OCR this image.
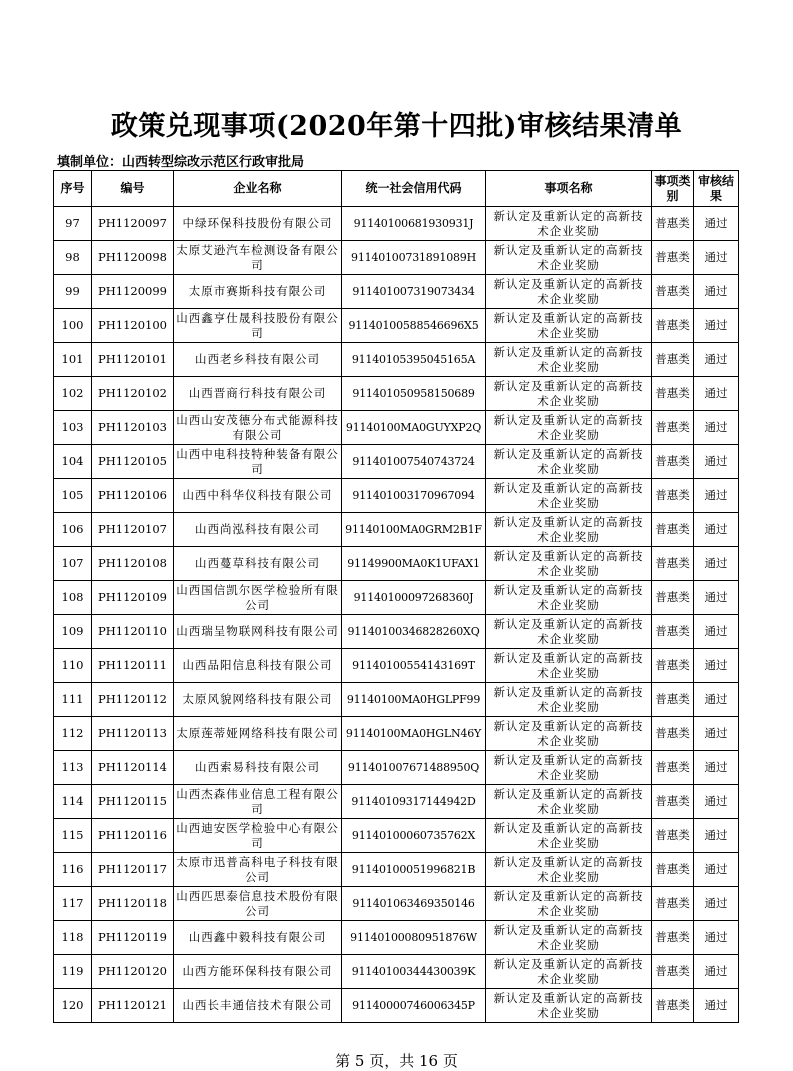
政策兑现事项(2020年第十四批)审核结果清单
填制单位：山西转型综改示范区行政审批局
序号	编号	企业名称	统一社会信用代码	事项名称	事项类别	审核结果
97	PH1120097	中绿环保科技股份有限公司	91140100681930931J	新认定及重新认定的高新技术企业奖励	普惠类	通过
98	PH1120098	太原艾逊汽车检测设备有限公司	91140100731891089H	新认定及重新认定的高新技术企业奖励	普惠类	通过
99	PH1120099	太原市赛斯科技有限公司	911401007319073434	新认定及重新认定的高新技术企业奖励	普惠类	通过
100	PH1120100	山西鑫亨仕晟科技股份有限公司	91140100588546696X5	新认定及重新认定的高新技术企业奖励	普惠类	通过
101	PH1120101	山西老乡科技有限公司	91140105395045165A	新认定及重新认定的高新技术企业奖励	普惠类	通过
102	PH1120102	山西晋商行科技有限公司	911401050958150689	新认定及重新认定的高新技术企业奖励	普惠类	通过
103	PH1120103	山西山安茂德分布式能源科技有限公司	91140100MA0GUYXP2Q	新认定及重新认定的高新技术企业奖励	普惠类	通过
104	PH1120105	山西中电科技特种装备有限公司	911401007540743724	新认定及重新认定的高新技术企业奖励	普惠类	通过
105	PH1120106	山西中科华仪科技有限公司	911401003170967094	新认定及重新认定的高新技术企业奖励	普惠类	通过
106	PH1120107	山西尚泓科技有限公司	91140100MA0GRM2B1F	新认定及重新认定的高新技术企业奖励	普惠类	通过
107	PH1120108	山西蔓草科技有限公司	91149900MA0K1UFAX1	新认定及重新认定的高新技术企业奖励	普惠类	通过
108	PH1120109	山西国信凯尔医学检验所有限公司	91140100097268360J	新认定及重新认定的高新技术企业奖励	普惠类	通过
109	PH1120110	山西瑞呈物联网科技有限公司	91140100346828260XQ	新认定及重新认定的高新技术企业奖励	普惠类	通过
110	PH1120111	山西品阳信息科技有限公司	91140100554143169T	新认定及重新认定的高新技术企业奖励	普惠类	通过
111	PH1120112	太原风貌网络科技有限公司	91140100MA0HGLPF99	新认定及重新认定的高新技术企业奖励	普惠类	通过
112	PH1120113	太原莲蒂娅网络科技有限公司	91140100MA0HGLN46Y	新认定及重新认定的高新技术企业奖励	普惠类	通过
113	PH1120114	山西索易科技有限公司	911401007671488950Q	新认定及重新认定的高新技术企业奖励	普惠类	通过
114	PH1120115	山西杰森伟业信息工程有限公司	91140109317144942D	新认定及重新认定的高新技术企业奖励	普惠类	通过
115	PH1120116	山西迪安医学检验中心有限公司	91140100060735762X	新认定及重新认定的高新技术企业奖励	普惠类	通过
116	PH1120117	太原市迅普高科电子科技有限公司	91140100051996821B	新认定及重新认定的高新技术企业奖励	普惠类	通过
117	PH1120118	山西匹思泰信息技术股份有限公司	911401063469350146	新认定及重新认定的高新技术企业奖励	普惠类	通过
118	PH1120119	山西鑫中毅科技有限公司	91140100080951876W	新认定及重新认定的高新技术企业奖励	普惠类	通过
119	PH1120120	山西方能环保科技有限公司	91140100344430039K	新认定及重新认定的高新技术企业奖励	普惠类	通过
120	PH1120121	山西长丰通信技术有限公司	91140000746006345P	新认定及重新认定的高新技术企业奖励	普惠类	通过
第 5 页，共 16 页
